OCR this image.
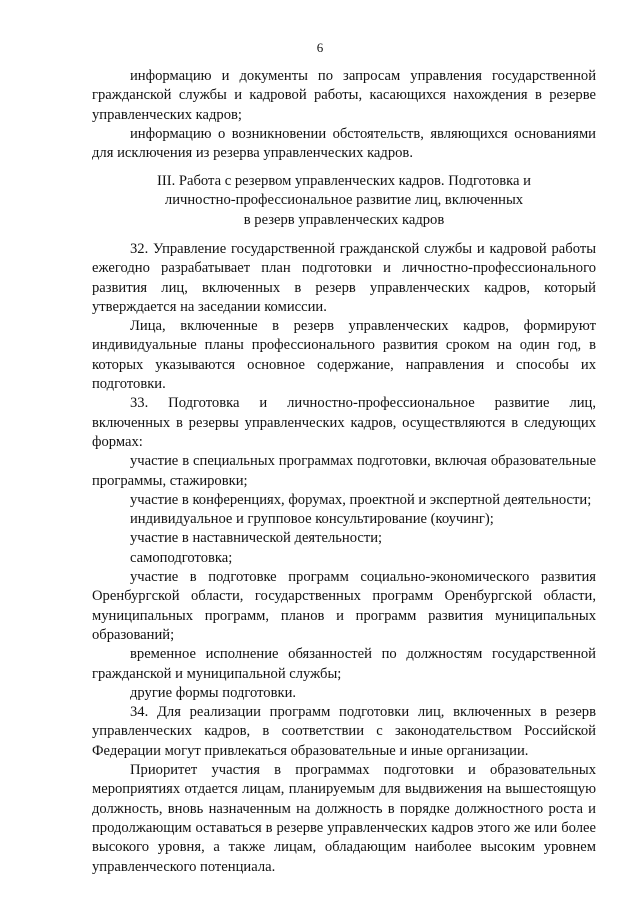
6

информацию и документы по запросам управления государственной гражданской службы и кадровой работы, касающихся нахождения в резерве управленческих кадров;

информацию о возникновении обстоятельств, являющихся основаниями для исключения из резерва управленческих кадров.

III. Работа с резервом управленческих кадров. Подготовка и
личностно-профессиональное развитие лиц, включенных
в резерв управленческих кадров

32. Управление государственной гражданской службы и кадровой работы ежегодно разрабатывает план подготовки и личностно-профессионального развития лиц, включенных в резерв управленческих кадров, который утверждается на заседании комиссии.

Лица, включенные в резерв управленческих кадров, формируют индивидуальные планы профессионального развития сроком на один год, в которых указываются основное содержание, направления и способы их подготовки.

33. Подготовка и личностно-профессиональное развитие лиц, включенных в резервы управленческих кадров, осуществляются в следующих формах:

участие в специальных программах подготовки, включая образовательные программы, стажировки;

участие в конференциях, форумах, проектной и экспертной деятельности;

индивидуальное и групповое консультирование (коучинг);

участие в наставнической деятельности;

самоподготовка;

участие в подготовке программ социально-экономического развития Оренбургской области, государственных программ Оренбургской области, муниципальных программ, планов и программ развития муниципальных образований;

временное исполнение обязанностей по должностям государственной гражданской и муниципальной службы;

другие формы подготовки.

34. Для реализации программ подготовки лиц, включенных в резерв управленческих кадров, в соответствии с законодательством Российской Федерации могут привлекаться образовательные и иные организации.

Приоритет участия в программах подготовки и образовательных мероприятиях отдается лицам, планируемым для выдвижения на вышестоящую должность, вновь назначенным на должность в порядке должностного роста и продолжающим оставаться в резерве управленческих кадров этого же или более высокого уровня, а также лицам, обладающим наиболее высоким уровнем управленческого потенциала.
